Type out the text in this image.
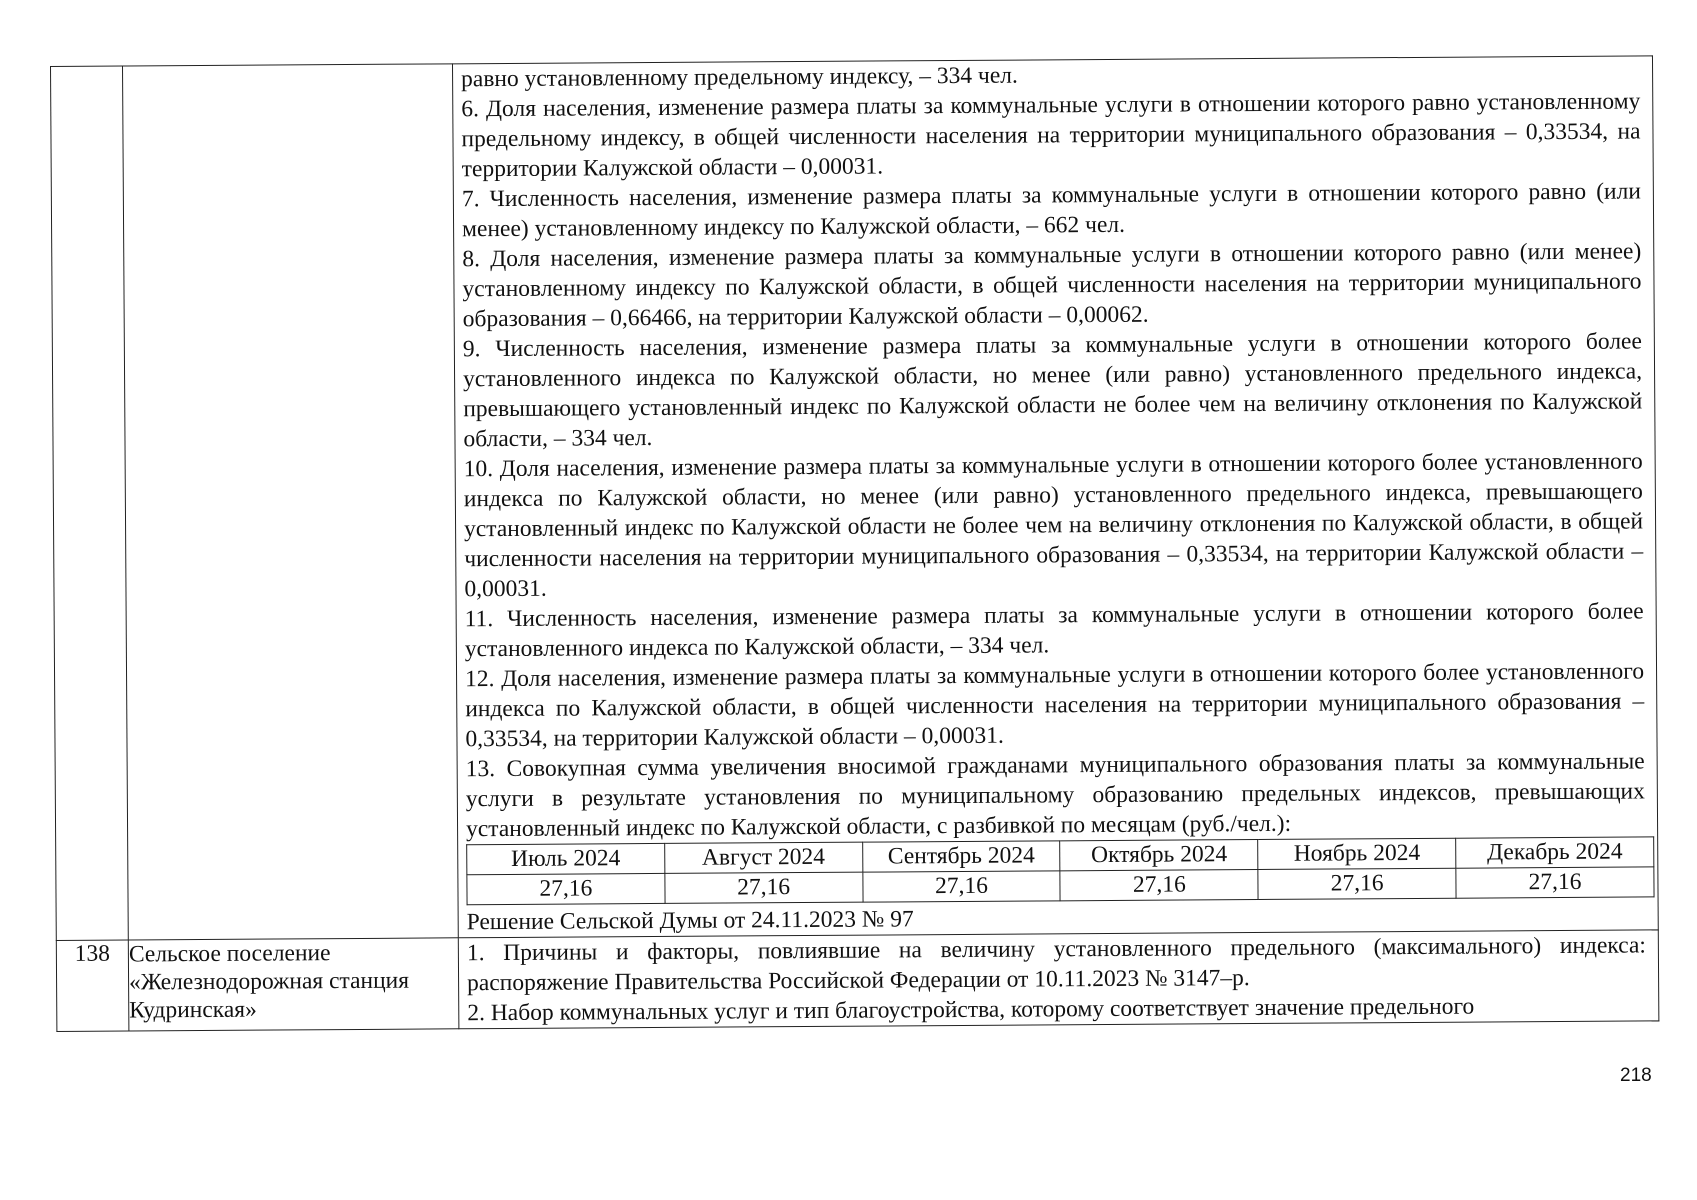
равно установленному предельному индексу, – 334 чел.

6. Доля населения, изменение размера платы за коммунальные услуги в отношении которого равно установленному предельному индексу, в общей численности населения на территории муниципального образования – 0,33534, на территории Калужской области – 0,00031.

7. Численность населения, изменение размера платы за коммунальные услуги в отношении которого равно (или менее) установленному индексу по Калужской области, – 662 чел.

8. Доля населения, изменение размера платы за коммунальные услуги в отношении которого равно (или менее) установленному индексу по Калужской области, в общей численности населения на территории муниципального образования – 0,66466, на территории Калужской области – 0,00062.

9. Численность населения, изменение размера платы за коммунальные услуги в отношении которого более установленного индекса по Калужской области, но менее (или равно) установленного предельного индекса, превышающего установленный индекс по Калужской области не более чем на величину отклонения по Калужской области, – 334 чел.

10. Доля населения, изменение размера платы за коммунальные услуги в отношении которого более установленного индекса по Калужской области, но менее (или равно) установленного предельного индекса, превышающего установленный индекс по Калужской области не более чем на величину отклонения по Калужской области, в общей численности населения на территории муниципального образования – 0,33534, на территории Калужской области – 0,00031.

11. Численность населения, изменение размера платы за коммунальные услуги в отношении которого более установленного индекса по Калужской области, – 334 чел.

12. Доля населения, изменение размера платы за коммунальные услуги в отношении которого более установленного индекса по Калужской области, в общей численности населения на территории муниципального образования – 0,33534, на территории Калужской области – 0,00031.

13. Совокупная сумма увеличения вносимой гражданами муниципального образования платы за коммунальные услуги в результате установления по муниципальному образованию предельных индексов, превышающих установленный индекс по Калужской области, с разбивкой по месяцам (руб./чел.):

Июль 2024	Август 2024	Сентябрь 2024	Октябрь 2024	Ноябрь 2024	Декабрь 2024
27,16	27,16	27,16	27,16	27,16	27,16
Решение Сельской Думы от 24.11.2023 № 97

138	Сельское поселение «Железнодорожная станция Кудринская»	

1. Причины и факторы, повлиявшие на величину установленного предельного (максимального) индекса: распоряжение Правительства Российской Федерации от 10.11.2023 № 3147–р.

2. Набор коммунальных услуг и тип благоустройства, которому соответствует значение предельного

218
